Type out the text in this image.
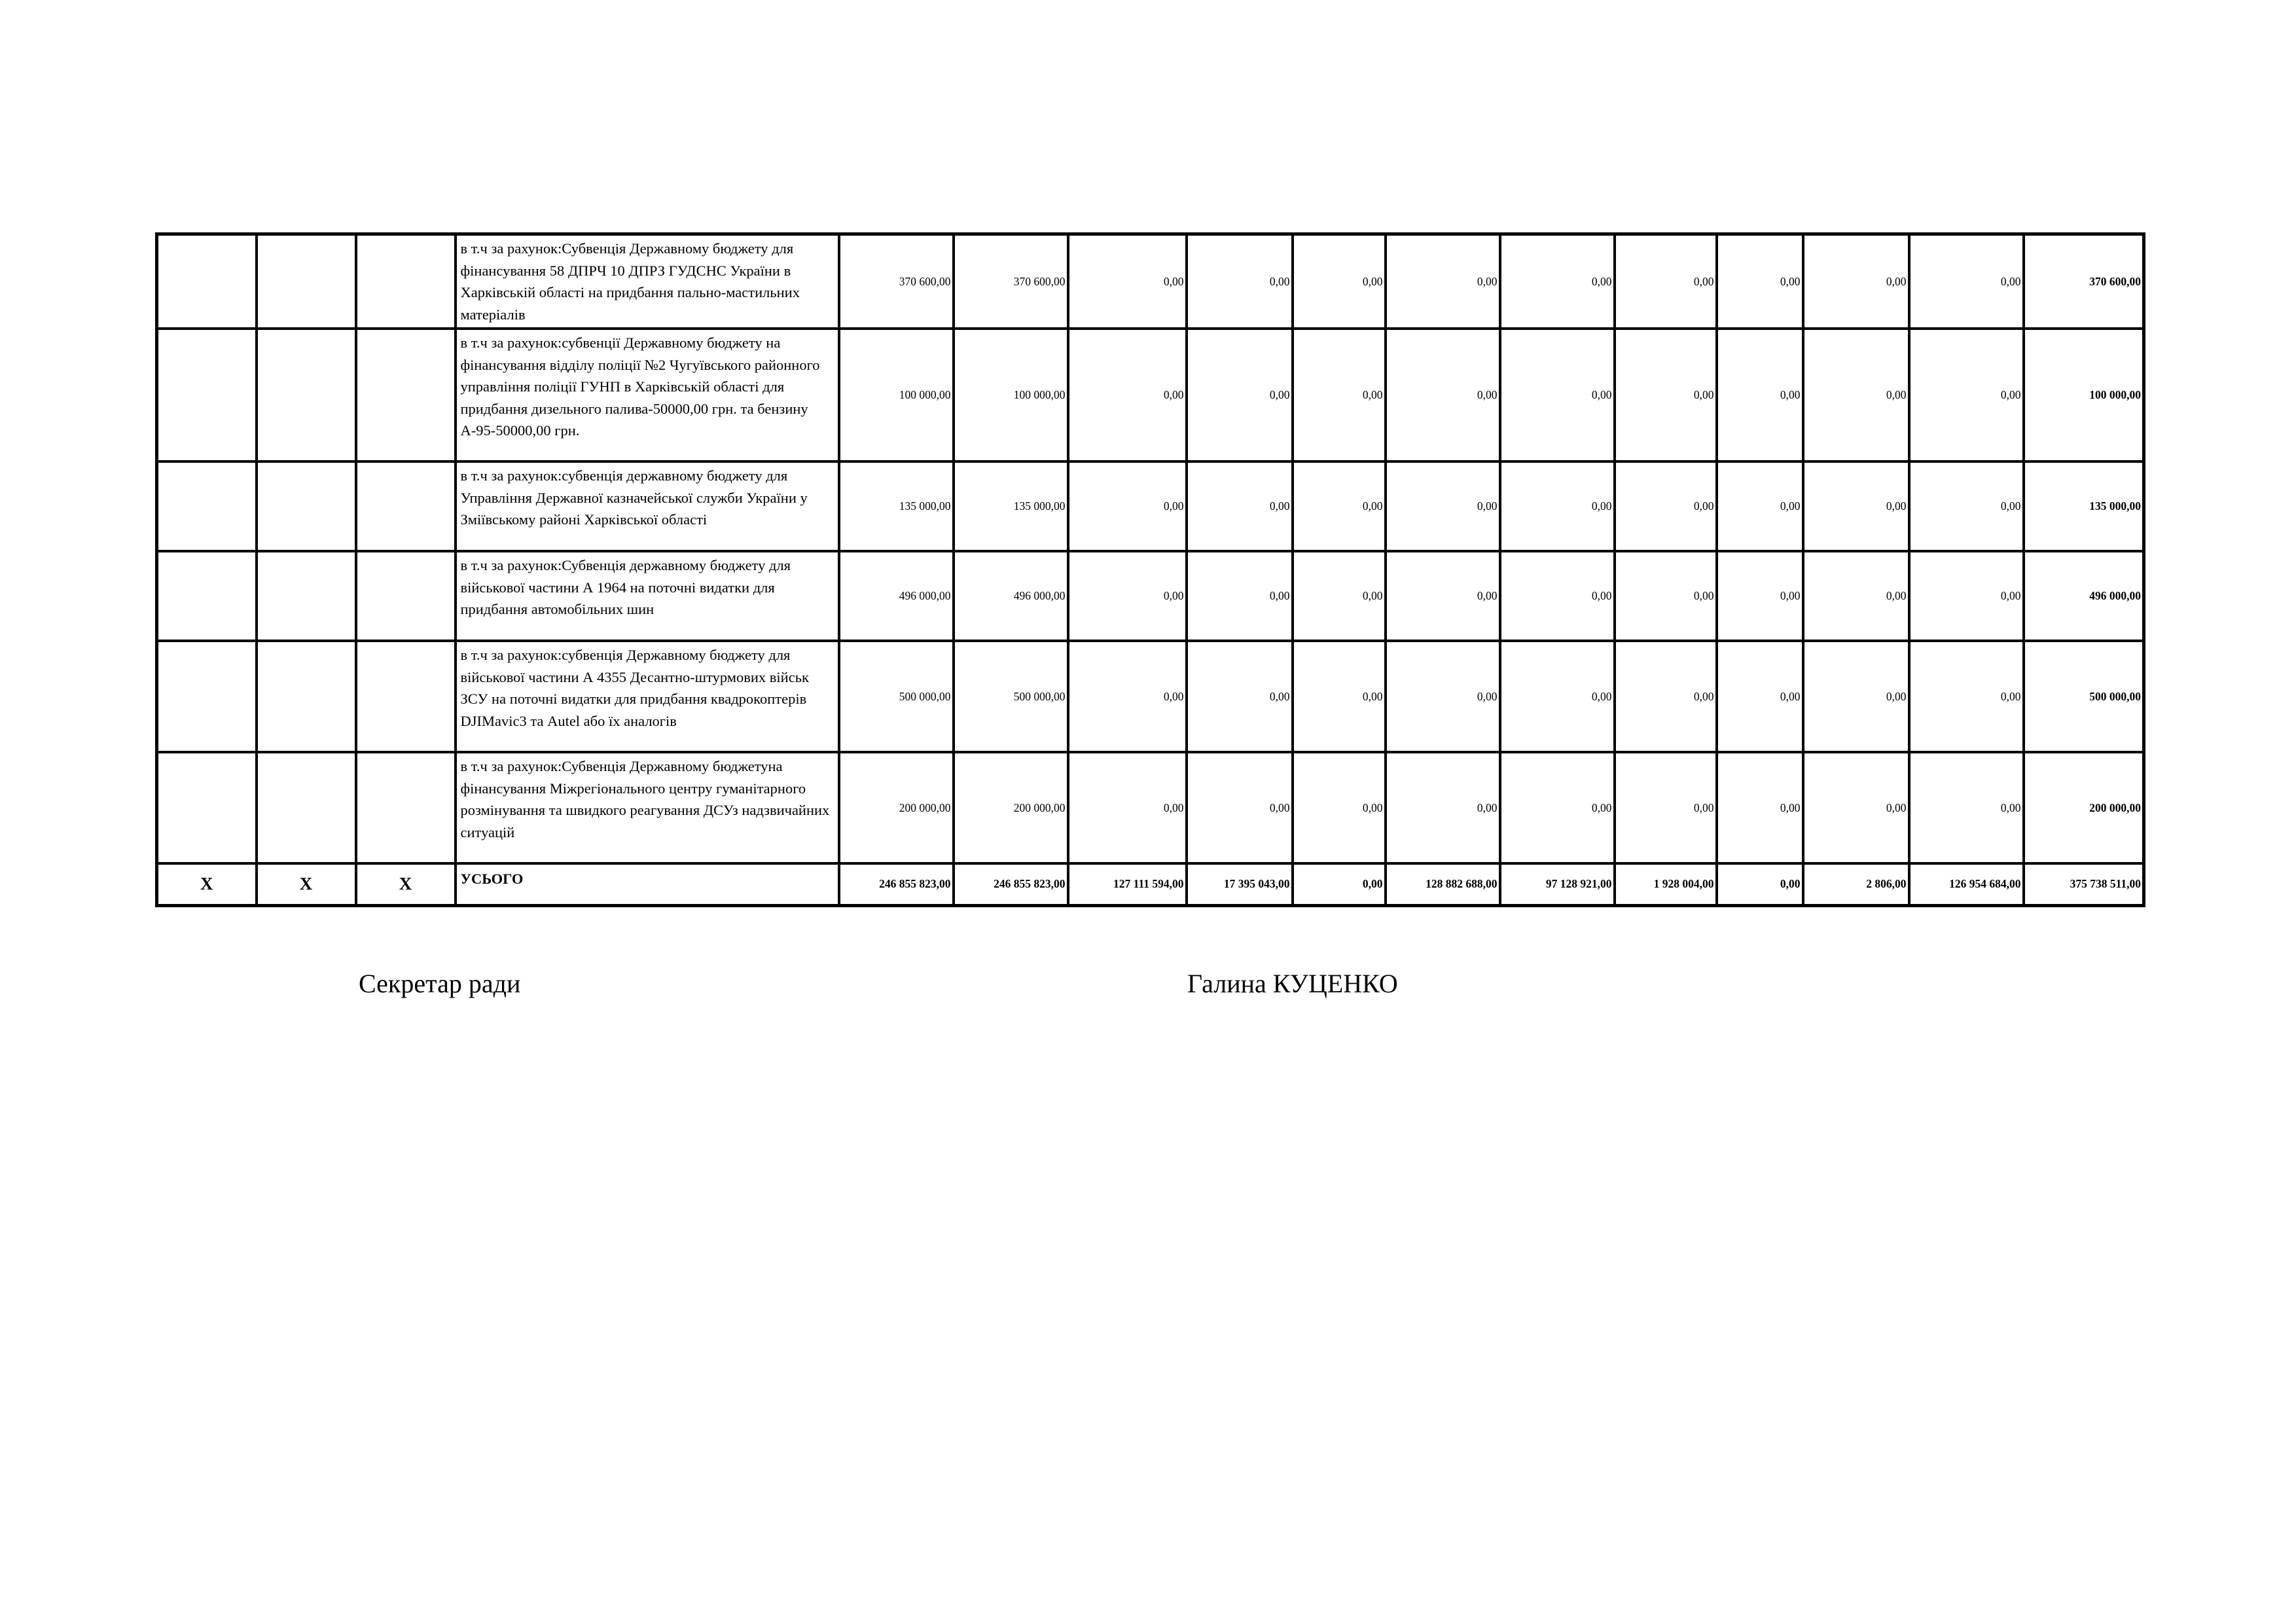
			в т.ч за рахунок:Субвенція Державному бюджету для фінансування 58 ДПРЧ 10 ДПРЗ ГУДСНС України в Харківській області на придбання пально-мастильних матеріалів	370 600,00	370 600,00	0,00	0,00	0,00	0,00	0,00	0,00	0,00	0,00	0,00	370 600,00
			в т.ч за рахунок:субвенції Державному бюджету на фінансування відділу поліції №2 Чугуївського районного управління поліції ГУНП в Харківській області для придбання дизельного палива-50000,00 грн. та бензину А-95-50000,00 грн.	100 000,00	100 000,00	0,00	0,00	0,00	0,00	0,00	0,00	0,00	0,00	0,00	100 000,00
			в т.ч за рахунок:субвенція державному бюджету для Управління Державної казначейської служби України у Зміївському районі Харківської області	135 000,00	135 000,00	0,00	0,00	0,00	0,00	0,00	0,00	0,00	0,00	0,00	135 000,00
			в т.ч за рахунок:Субвенція державному бюджету для військової частини А 1964 на поточні видатки для придбання автомобільних шин	496 000,00	496 000,00	0,00	0,00	0,00	0,00	0,00	0,00	0,00	0,00	0,00	496 000,00
			в т.ч за рахунок:субвенція Державному бюджету для військової частини А 4355 Десантно-штурмових військ ЗСУ на поточні видатки для придбання квадрокоптерів DJIMavic3 та Autel або їх аналогів	500 000,00	500 000,00	0,00	0,00	0,00	0,00	0,00	0,00	0,00	0,00	0,00	500 000,00
			в т.ч за рахунок:Субвенція Державному бюджетуна фінансування Міжрегіонального центру гуманітарного розмінування та швидкого реагування ДСУз надзвичайних ситуацій	200 000,00	200 000,00	0,00	0,00	0,00	0,00	0,00	0,00	0,00	0,00	0,00	200 000,00
Х	Х	Х	УСЬОГО	246 855 823,00	246 855 823,00	127 111 594,00	17 395 043,00	0,00	128 882 688,00	97 128 921,00	1 928 004,00	0,00	2 806,00	126 954 684,00	375 738 511,00
Секретар ради	Галина КУЦЕНКО
